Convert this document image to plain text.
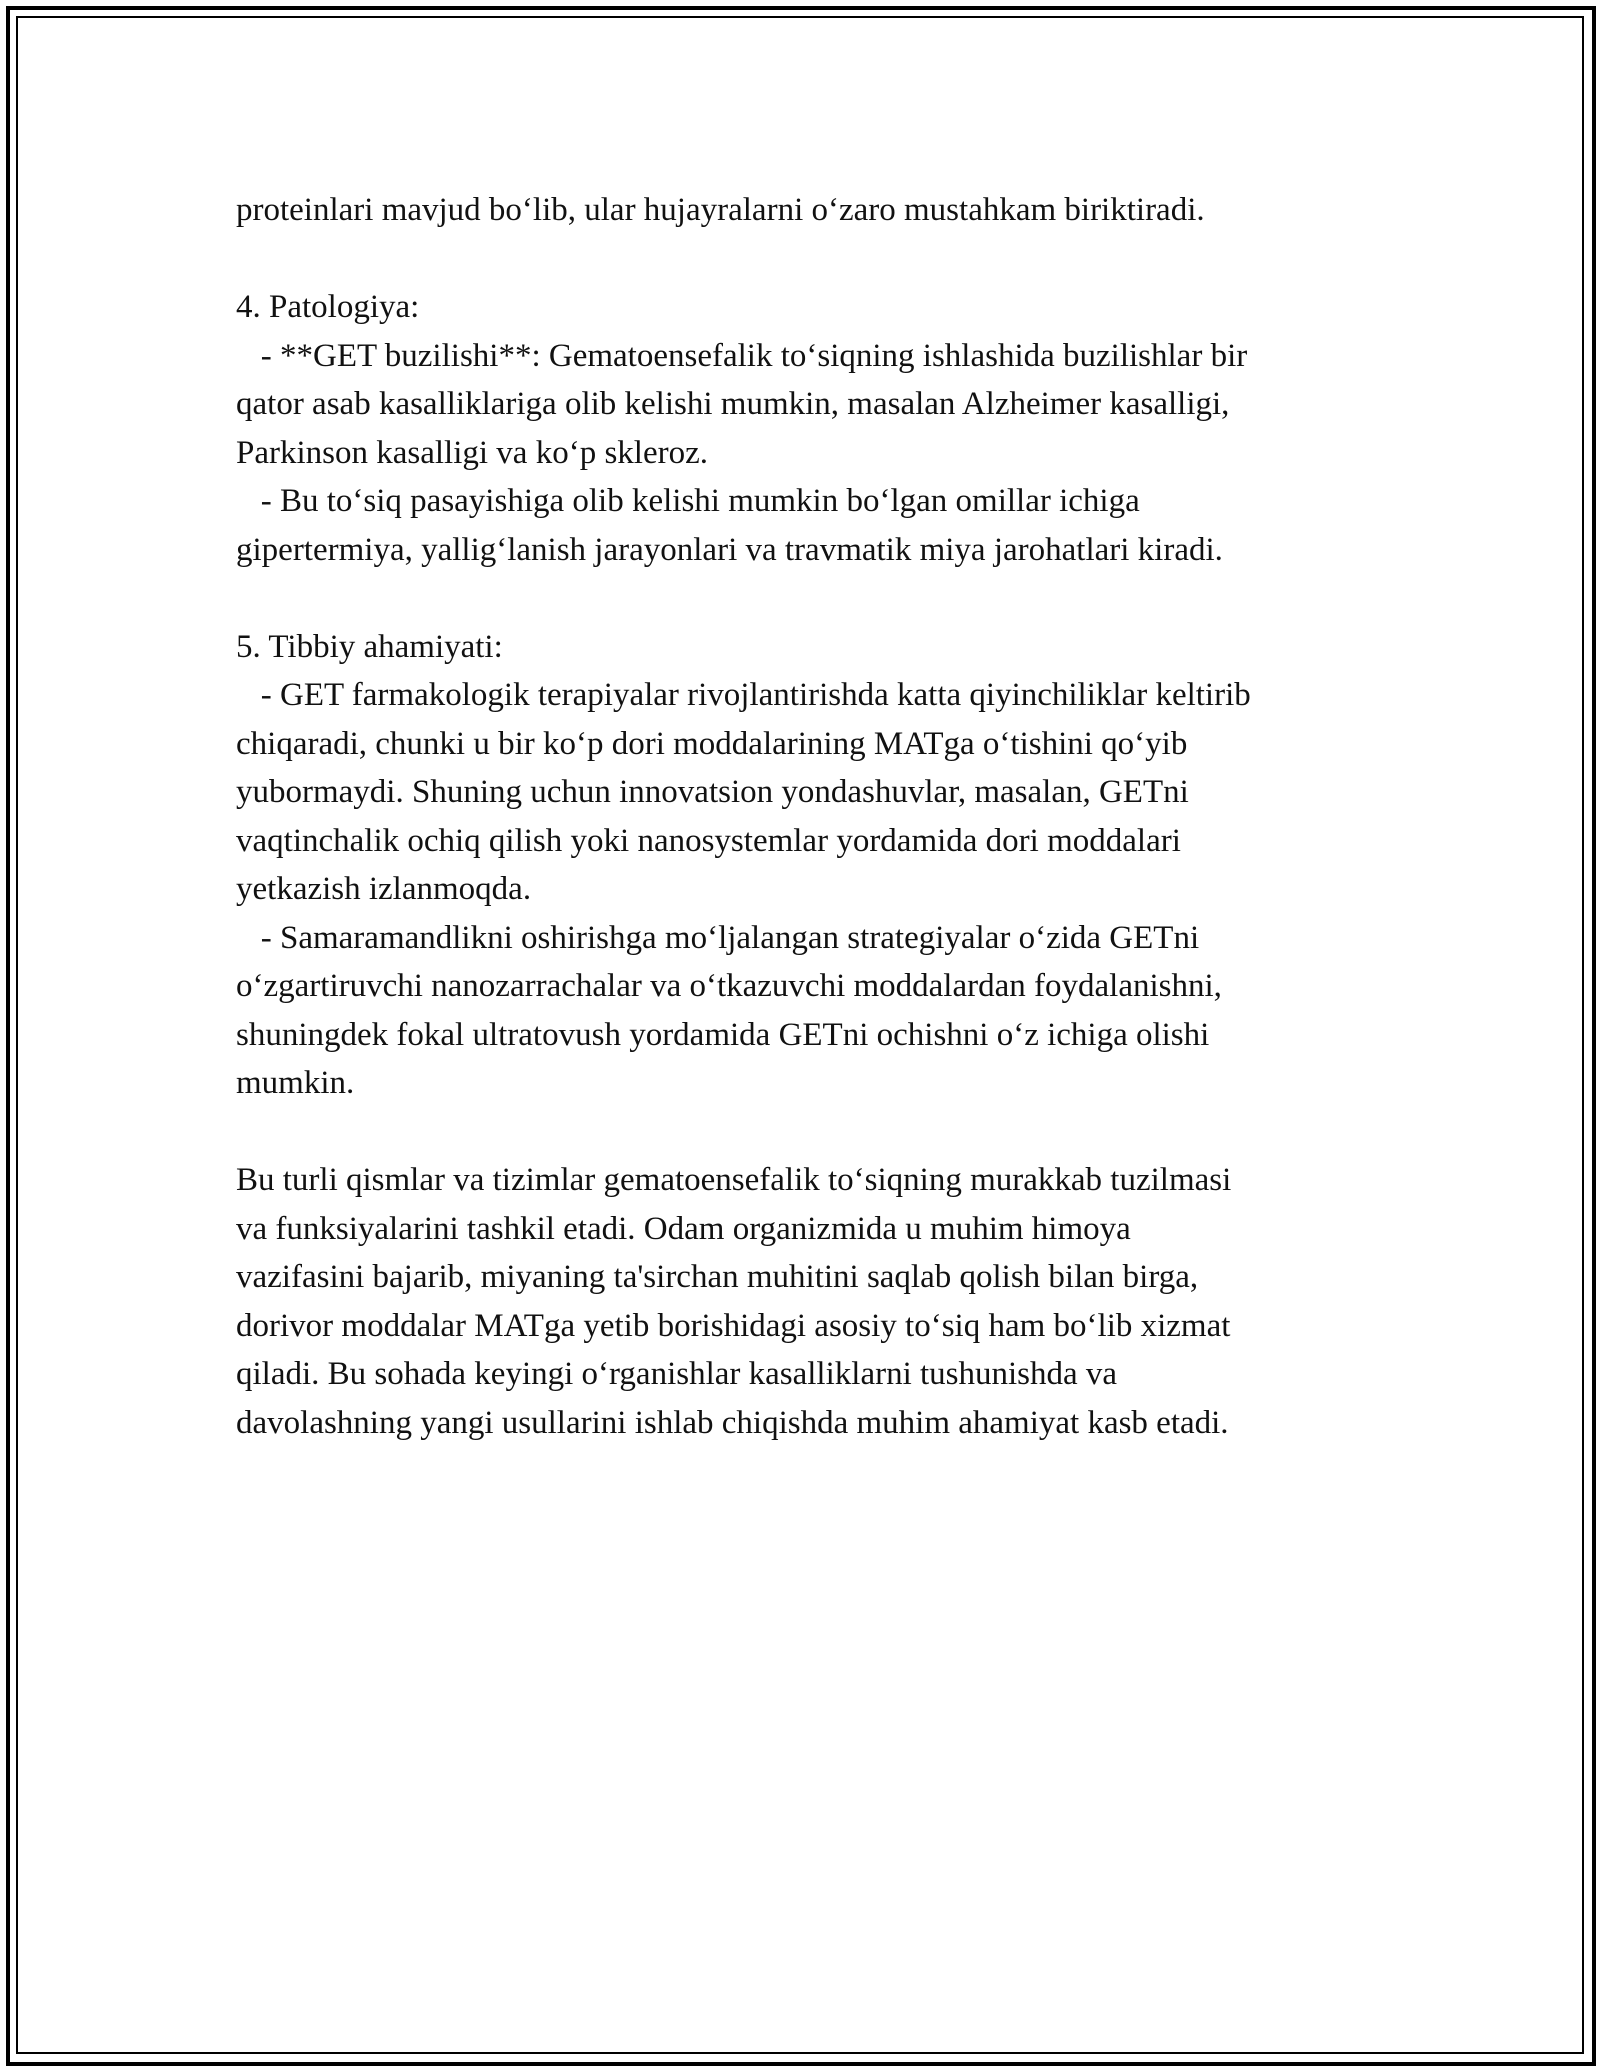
proteinlari mavjud bo‘lib, ular hujayralarni o‘zaro mustahkam biriktiradi.
4. Patologiya:
- **GET buzilishi**: Gematoensefalik to‘siqning ishlashida buzilishlar bir
qator asab kasalliklariga olib kelishi mumkin, masalan Alzheimer kasalligi,
Parkinson kasalligi va ko‘p skleroz.
- Bu to‘siq pasayishiga olib kelishi mumkin bo‘lgan omillar ichiga
gipertermiya, yallig‘lanish jarayonlari va travmatik miya jarohatlari kiradi.
5. Tibbiy ahamiyati:
- GET farmakologik terapiyalar rivojlantirishda katta qiyinchiliklar keltirib
chiqaradi, chunki u bir ko‘p dori moddalarining MATga o‘tishini qo‘yib
yubormaydi. Shuning uchun innovatsion yondashuvlar, masalan, GETni
vaqtinchalik ochiq qilish yoki nanosystemlar yordamida dori moddalari
yetkazish izlanmoqda.
- Samaramandlikni oshirishga mo‘ljalangan strategiyalar o‘zida GETni
o‘zgartiruvchi nanozarrachalar va o‘tkazuvchi moddalardan foydalanishni,
shuningdek fokal ultratovush yordamida GETni ochishni o‘z ichiga olishi
mumkin.
Bu turli qismlar va tizimlar gematoensefalik to‘siqning murakkab tuzilmasi
va funksiyalarini tashkil etadi. Odam organizmida u muhim himoya
vazifasini bajarib, miyaning ta'sirchan muhitini saqlab qolish bilan birga,
dorivor moddalar MATga yetib borishidagi asosiy to‘siq ham bo‘lib xizmat
qiladi. Bu sohada keyingi o‘rganishlar kasalliklarni tushunishda va
davolashning yangi usullarini ishlab chiqishda muhim ahamiyat kasb etadi.
